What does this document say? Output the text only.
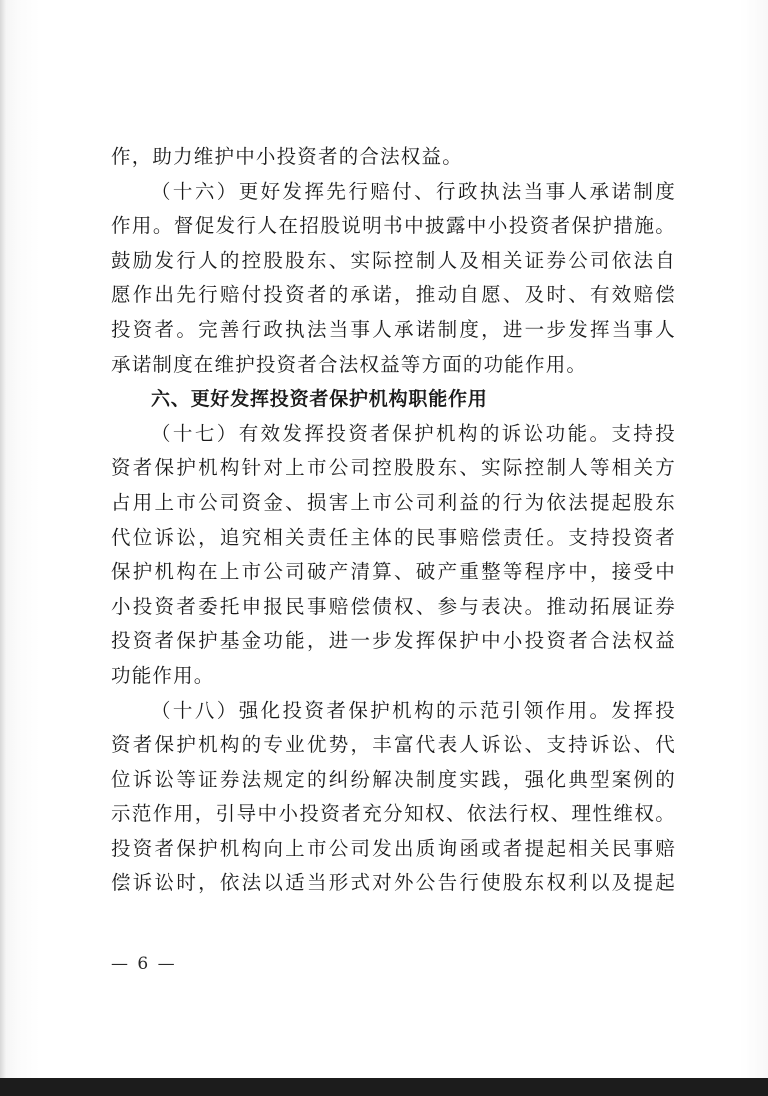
作，助力维护中小投资者的合法权益。
（十六）更好发挥先行赔付、行政执法当事人承诺制度
作用。督促发行人在招股说明书中披露中小投资者保护措施。
鼓励发行人的控股股东、实际控制人及相关证券公司依法自
愿作出先行赔付投资者的承诺，推动自愿、及时、有效赔偿
投资者。完善行政执法当事人承诺制度，进一步发挥当事人
承诺制度在维护投资者合法权益等方面的功能作用。
六、更好发挥投资者保护机构职能作用
（十七）有效发挥投资者保护机构的诉讼功能。支持投
资者保护机构针对上市公司控股股东、实际控制人等相关方
占用上市公司资金、损害上市公司利益的行为依法提起股东
代位诉讼，追究相关责任主体的民事赔偿责任。支持投资者
保护机构在上市公司破产清算、破产重整等程序中，接受中
小投资者委托申报民事赔偿债权、参与表决。推动拓展证券
投资者保护基金功能，进一步发挥保护中小投资者合法权益
功能作用。
（十八）强化投资者保护机构的示范引领作用。发挥投
资者保护机构的专业优势，丰富代表人诉讼、支持诉讼、代
位诉讼等证券法规定的纠纷解决制度实践，强化典型案例的
示范作用，引导中小投资者充分知权、依法行权、理性维权。
投资者保护机构向上市公司发出质询函或者提起相关民事赔
偿诉讼时，依法以适当形式对外公告行使股东权利以及提起
— 6 —
